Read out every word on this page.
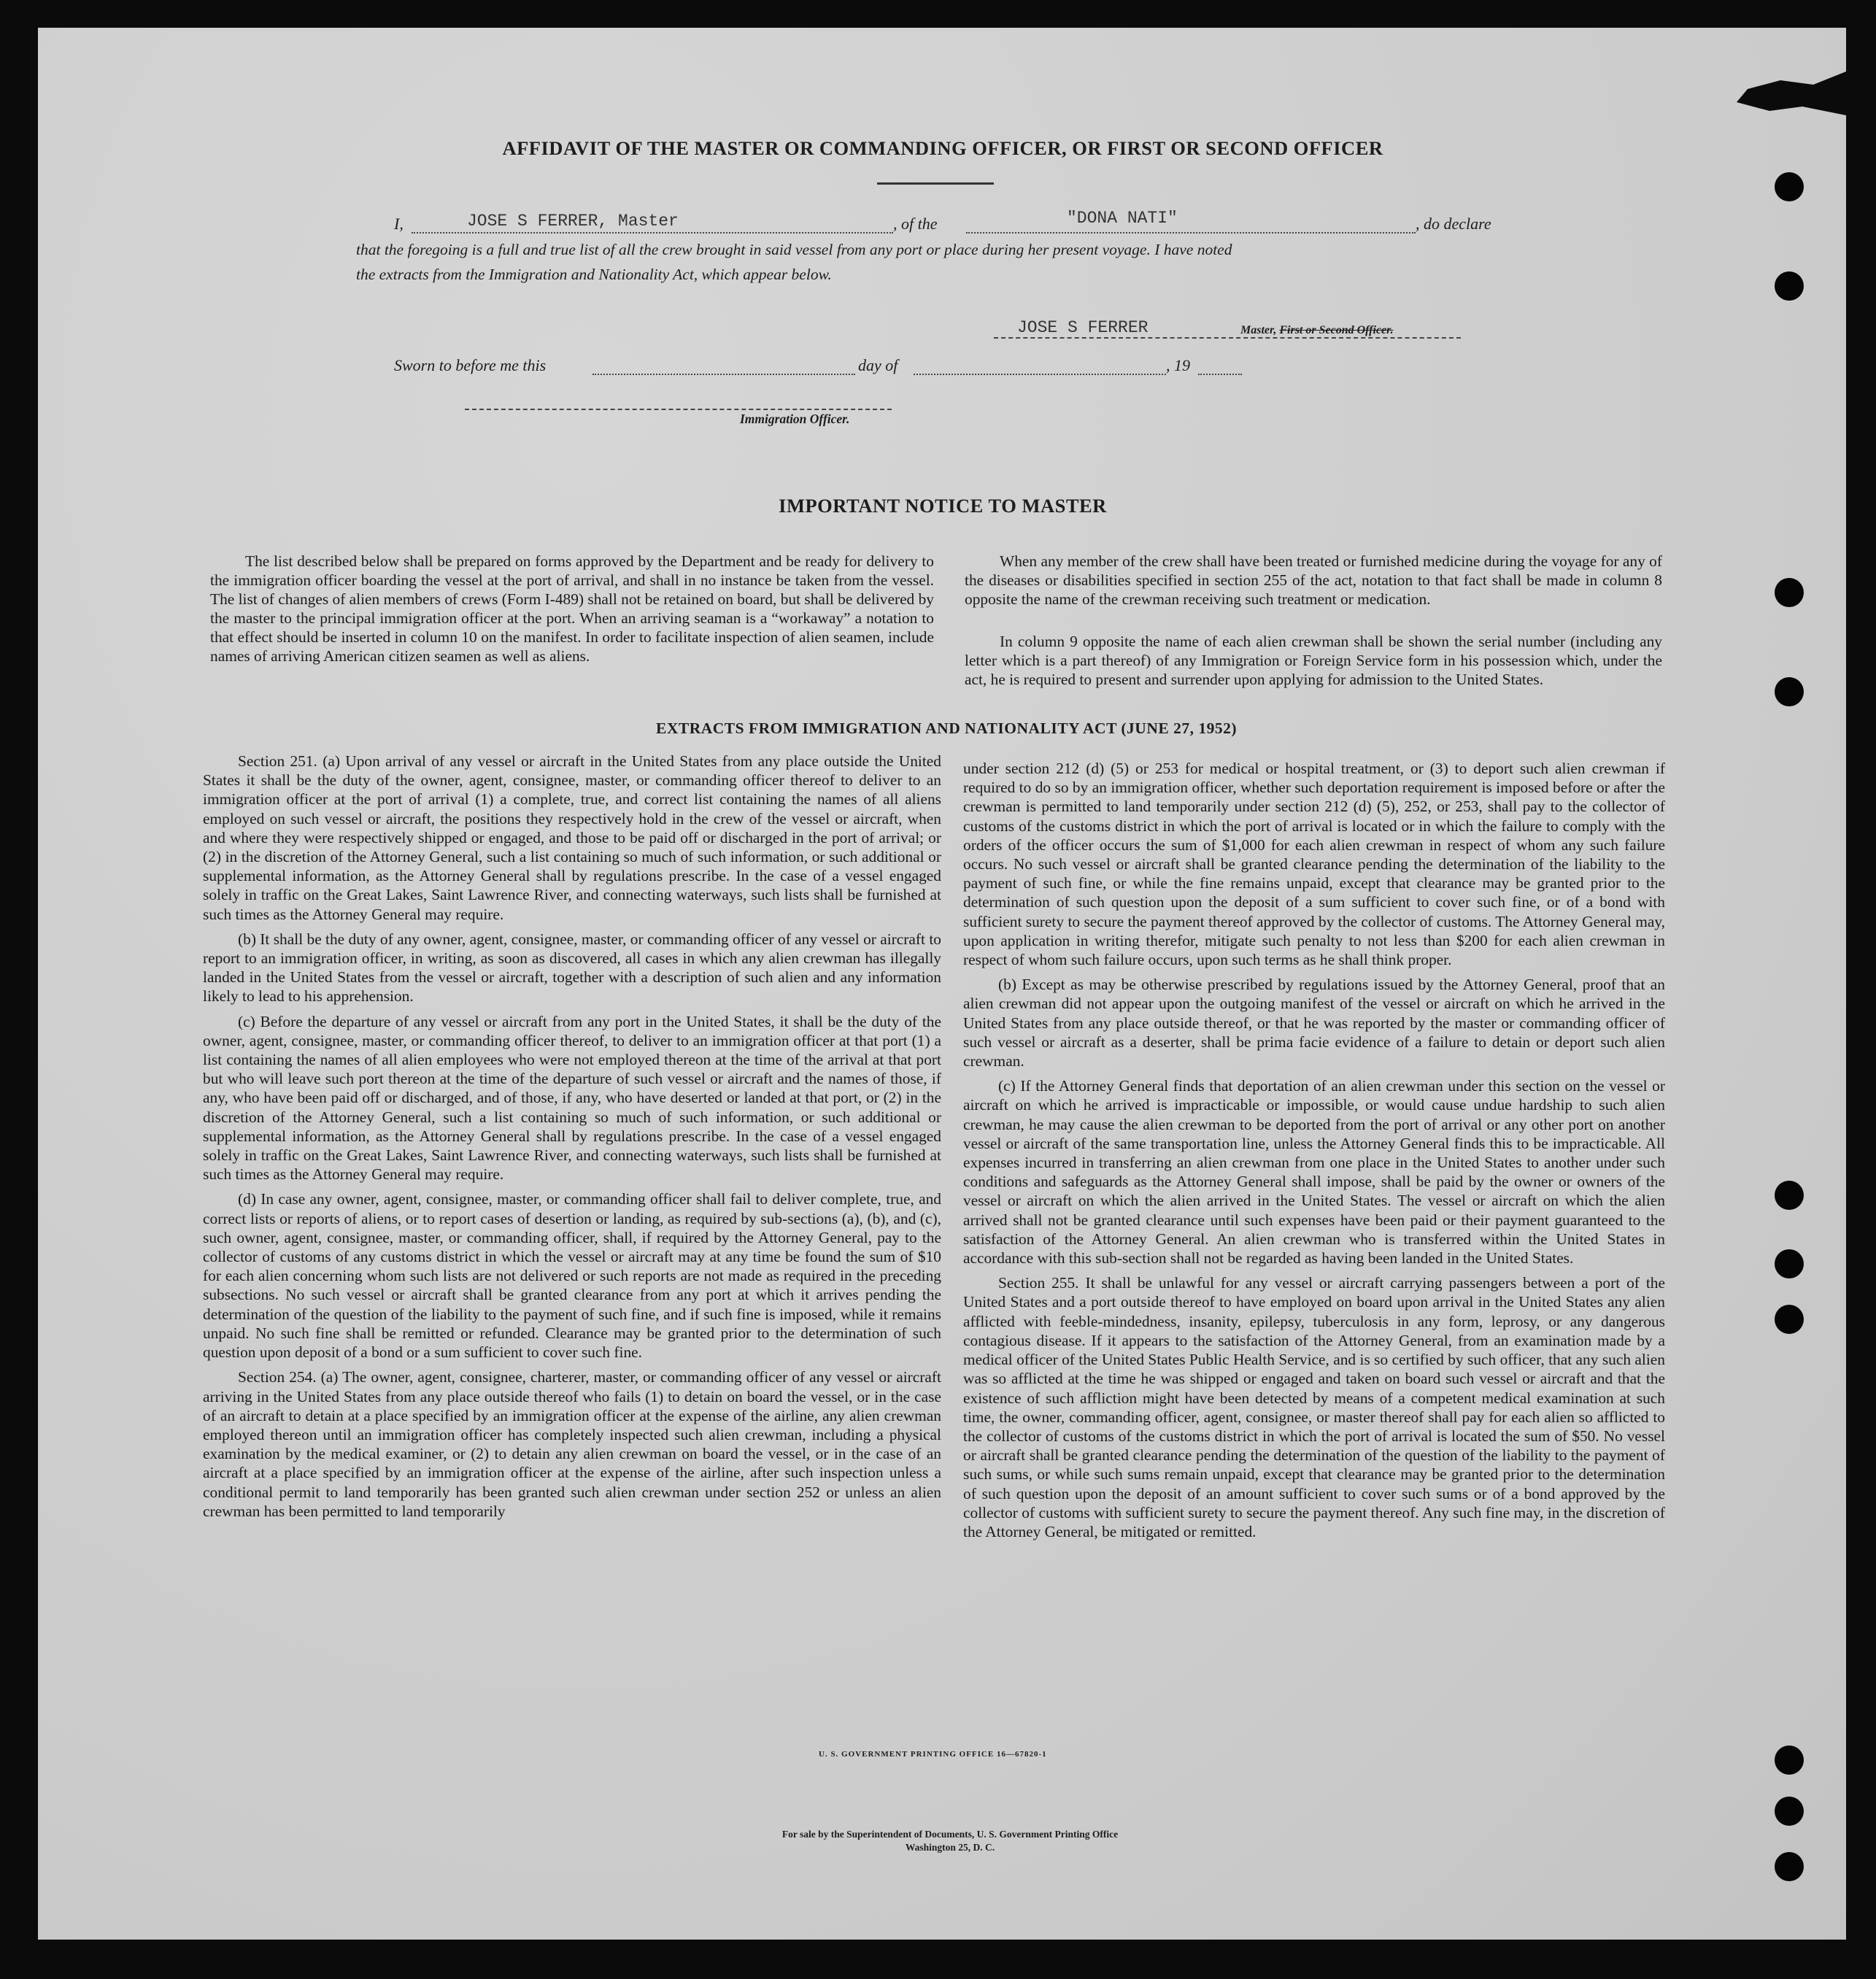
AFFIDAVIT OF THE MASTER OR COMMANDING OFFICER, OR FIRST OR SECOND OFFICER
I,	JOSE S FERRER, Master	, of the	"DONA NATI"	, do declare
that the foregoing is a full and true list of all the crew brought in said vessel from any port or place during her present voyage. I have noted
the extracts from the Immigration and Nationality Act, which appear below.
JOSE S FERRER	Master, First or Second Officer.
Sworn to before me this	day of	, 19
Immigration Officer.
IMPORTANT NOTICE TO MASTER
The list described below shall be prepared on forms approved by the Department and be ready for delivery to the immigration officer boarding the vessel at the port of arrival, and shall in no instance be taken from the vessel. The list of changes of alien members of crews (Form I-489) shall not be retained on board, but shall be delivered by the master to the principal immigration officer at the port. When an arriving seaman is a “workaway” a notation to that effect should be inserted in column 10 on the manifest. In order to facilitate inspection of alien seamen, include names of arriving American citizen seamen as well as aliens.
When any member of the crew shall have been treated or furnished medicine during the voyage for any of the diseases or disabilities specified in section 255 of the act, notation to that fact shall be made in column 8 opposite the name of the crewman receiving such treatment or medication.
In column 9 opposite the name of each alien crewman shall be shown the serial number (including any letter which is a part thereof) of any Immigration or Foreign Service form in his possession which, under the act, he is required to present and surrender upon applying for admission to the United States.
EXTRACTS FROM IMMIGRATION AND NATIONALITY ACT (JUNE 27, 1952)

Section 251. (a) Upon arrival of any vessel or aircraft in the United States from any place outside the United States it shall be the duty of the owner, agent, consignee, master, or commanding officer thereof to deliver to an immigration officer at the port of arrival (1) a complete, true, and correct list containing the names of all aliens employed on such vessel or aircraft, the positions they respectively hold in the crew of the vessel or aircraft, when and where they were respectively shipped or engaged, and those to be paid off or discharged in the port of arrival; or (2) in the discretion of the Attorney General, such a list containing so much of such information, or such additional or supplemental information, as the Attorney General shall by regulations prescribe. In the case of a vessel engaged solely in traffic on the Great Lakes, Saint Lawrence River, and connecting waterways, such lists shall be furnished at such times as the Attorney General may require.

(b) It shall be the duty of any owner, agent, consignee, master, or commanding officer of any vessel or aircraft to report to an immigration officer, in writing, as soon as discovered, all cases in which any alien crewman has illegally landed in the United States from the vessel or aircraft, together with a description of such alien and any information likely to lead to his apprehension.

(c) Before the departure of any vessel or aircraft from any port in the United States, it shall be the duty of the owner, agent, consignee, master, or commanding officer thereof, to deliver to an immigration officer at that port (1) a list containing the names of all alien employees who were not employed thereon at the time of the arrival at that port but who will leave such port thereon at the time of the departure of such vessel or aircraft and the names of those, if any, who have been paid off or discharged, and of those, if any, who have deserted or landed at that port, or (2) in the discretion of the Attorney General, such a list containing so much of such information, or such additional or supplemental information, as the Attorney General shall by regulations prescribe. In the case of a vessel engaged solely in traffic on the Great Lakes, Saint Lawrence River, and connecting waterways, such lists shall be furnished at such times as the Attorney General may require.

(d) In case any owner, agent, consignee, master, or commanding officer shall fail to deliver complete, true, and correct lists or reports of aliens, or to report cases of desertion or landing, as required by sub-sections (a), (b), and (c), such owner, agent, consignee, master, or commanding officer, shall, if required by the Attorney General, pay to the collector of customs of any customs district in which the vessel or aircraft may at any time be found the sum of $10 for each alien concerning whom such lists are not delivered or such reports are not made as required in the preceding subsections. No such vessel or aircraft shall be granted clearance from any port at which it arrives pending the determination of the question of the liability to the payment of such fine, and if such fine is imposed, while it remains unpaid. No such fine shall be remitted or refunded. Clearance may be granted prior to the determination of such question upon deposit of a bond or a sum sufficient to cover such fine.

Section 254. (a) The owner, agent, consignee, charterer, master, or commanding officer of any vessel or aircraft arriving in the United States from any place outside thereof who fails (1) to detain on board the vessel, or in the case of an aircraft to detain at a place specified by an immigration officer at the expense of the airline, any alien crewman employed thereon until an immigration officer has completely inspected such alien crewman, including a physical examination by the medical examiner, or (2) to detain any alien crewman on board the vessel, or in the case of an aircraft at a place specified by an immigration officer at the expense of the airline, after such inspection unless a conditional permit to land temporarily has been granted such alien crewman under section 252 or unless an alien crewman has been permitted to land temporarily

under section 212 (d) (5) or 253 for medical or hospital treatment, or (3) to deport such alien crewman if required to do so by an immigration officer, whether such deportation requirement is imposed before or after the crewman is permitted to land temporarily under section 212 (d) (5), 252, or 253, shall pay to the collector of customs of the customs district in which the port of arrival is located or in which the failure to comply with the orders of the officer occurs the sum of $1,000 for each alien crewman in respect of whom any such failure occurs. No such vessel or aircraft shall be granted clearance pending the determination of the liability to the payment of such fine, or while the fine remains unpaid, except that clearance may be granted prior to the determination of such question upon the deposit of a sum sufficient to cover such fine, or of a bond with sufficient surety to secure the payment thereof approved by the collector of customs. The Attorney General may, upon application in writing therefor, mitigate such penalty to not less than $200 for each alien crewman in respect of whom such failure occurs, upon such terms as he shall think proper.

(b) Except as may be otherwise prescribed by regulations issued by the Attorney General, proof that an alien crewman did not appear upon the outgoing manifest of the vessel or aircraft on which he arrived in the United States from any place outside thereof, or that he was reported by the master or commanding officer of such vessel or aircraft as a deserter, shall be prima facie evidence of a failure to detain or deport such alien crewman.

(c) If the Attorney General finds that deportation of an alien crewman under this section on the vessel or aircraft on which he arrived is impracticable or impossible, or would cause undue hardship to such alien crewman, he may cause the alien crewman to be deported from the port of arrival or any other port on another vessel or aircraft of the same transportation line, unless the Attorney General finds this to be impracticable. All expenses incurred in transferring an alien crewman from one place in the United States to another under such conditions and safeguards as the Attorney General shall impose, shall be paid by the owner or owners of the vessel or aircraft on which the alien arrived in the United States. The vessel or aircraft on which the alien arrived shall not be granted clearance until such expenses have been paid or their payment guaranteed to the satisfaction of the Attorney General. An alien crewman who is transferred within the United States in accordance with this sub-section shall not be regarded as having been landed in the United States.

Section 255. It shall be unlawful for any vessel or aircraft carrying passengers between a port of the United States and a port outside thereof to have employed on board upon arrival in the United States any alien afflicted with feeble-mindedness, insanity, epilepsy, tuberculosis in any form, leprosy, or any dangerous contagious disease. If it appears to the satisfaction of the Attorney General, from an examination made by a medical officer of the United States Public Health Service, and is so certified by such officer, that any such alien was so afflicted at the time he was shipped or engaged and taken on board such vessel or aircraft and that the existence of such affliction might have been detected by means of a competent medical examination at such time, the owner, commanding officer, agent, consignee, or master thereof shall pay for each alien so afflicted to the collector of customs of the customs district in which the port of arrival is located the sum of $50. No vessel or aircraft shall be granted clearance pending the determination of the question of the liability to the payment of such sums, or while such sums remain unpaid, except that clearance may be granted prior to the determination of such question upon the deposit of an amount sufficient to cover such sums or of a bond approved by the collector of customs with sufficient surety to secure the payment thereof. Any such fine may, in the discretion of the Attorney General, be mitigated or remitted.

U. S. GOVERNMENT PRINTING OFFICE 16—67820-1
For sale by the Superintendent of Documents, U. S. Government Printing Office
Washington 25, D. C.
